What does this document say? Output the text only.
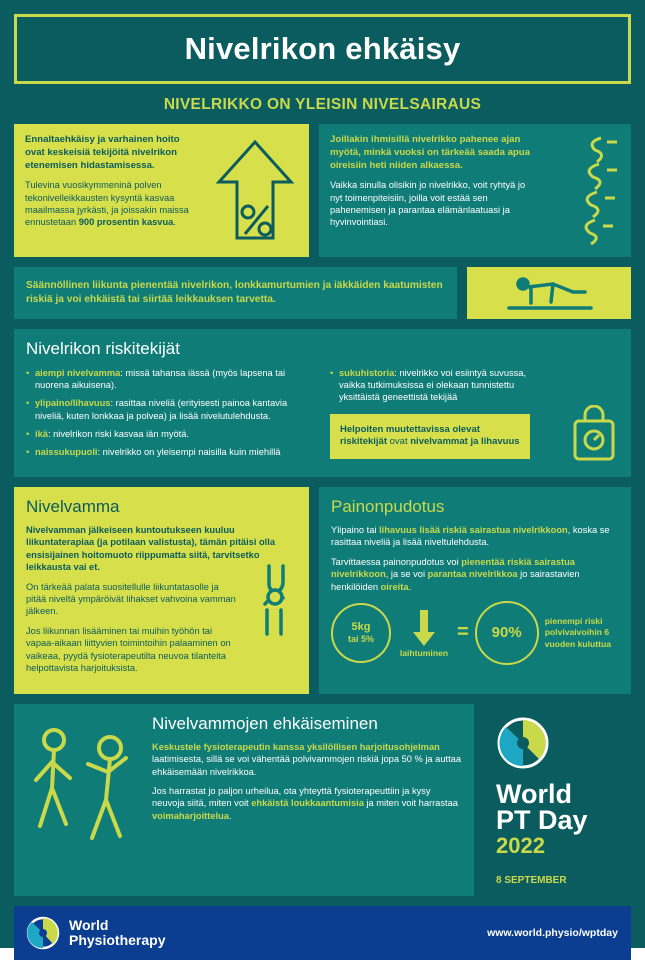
Nivelrikon ehkäisy
NIVELRIKKO ON YLEISIN NIVELSAIRAUS
Ennaltaehkäisy ja varhainen hoito ovat keskeisiä tekijöitä nivelrikon etenemisen hidastamisessa.
Tulevina vuosikymmeninä polven tekonivelleikkausten kysyntä kasvaa maailmassa jyrkästi, ja joissakin maissa ennustetaan 900 prosentin kasvua.
Joillakin ihmisillä nivelrikko pahenee ajan myötä, minkä vuoksi on tärkeää saada apua oireisiin heti niiden alkaessa.
Vaikka sinulla olisikin jo nivelrikko, voit ryhtyä jo nyt toimenpiteisiin, joilla voit estää sen pahenemisen ja parantaa elämänlaatuasi ja hyvinvointiasi.
Säännöllinen liikunta pienentää nivelrikon, lonkkamurtumien ja iäkkäiden kaatumisten riskiä ja voi ehkäistä tai siirtää leikkauksen tarvetta.
Nivelrikon riskitekijät
• aiempi nivelvamma: missä tahansa iässä (myös lapsena tai nuorena aikuisena).
• ylipaino/lihavuus: rasittaa niveliä (erityisesti painoa kantavia niveliä, kuten lonkkaa ja polvea) ja lisää nivelutulehdusta.
• ikä: nivelrikon riski kasvaa iän myötä.
• naissukupuoli: nivelrikko on yleisempi naisilla kuin miehillä
• sukuhistoria: nivelrikko voi esiintyä suvussa, vaikka tutkimuksissa ei olekaan tunnistettu yksittäistä geneettistä tekijää
Helpoiten muutettavissa olevat riskitekijät ovat nivelvammat ja lihavuus
Nivelvamma

Nivelvamman jälkeiseen kuntoutukseen kuuluu liikuntaterapiaa (ja potilaan valistusta), tämän pitäisi olla ensisijainen hoitomuoto riippumatta siitä, tarvitsetko leikkausta vai et.

On tärkeää palata suositellulle liikuntatasolle ja pitää niveltä ympäröivät lihakset vahvoina vamman jälkeen.

Jos liikunnan lisääminen tai muihin työhön tai vapaa-aikaan liittyvien toimintoihin palaaminen on vaikeaa, pyydä fysioterapeutilta neuvoa tilanteita helpottavista harjoituksista.

Painonpudotus

Ylipaino tai lihavuus lisää riskiä sairastua nivelrikkoon, koska se rasittaa niveliä ja lisää niveltulehdusta.

Tarvittaessa painonpudotus voi pienentää riskiä sairastua nivelrikkoon, ja se voi parantaa nivelrikkoa jo sairastavien henkilöiden oireita.

5kg
tai 5%
laihtuminen
=	90%
pienempi riski polvivaivoihin 6 vuoden kuluttua
Nivelvammojen ehkäiseminen

Keskustele fysioterapeutin kanssa yksilöllisen harjoitusohjelman laatimisesta, sillä se voi vähentää polvivammojen riskiä jopa 50 % ja auttaa ehkäisemään nivelrikkoa.

Jos harrastat jo paljon urheilua, ota yhteyttä fysioterapeuttiin ja kysy neuvoja siitä, miten voit ehkäistä loukkaantumisia ja miten voit harrastaa voimaharjoittelua.

World
PT Day
2022
8 SEPTEMBER
World
Physiotherapy	www.world.physio/wptday
